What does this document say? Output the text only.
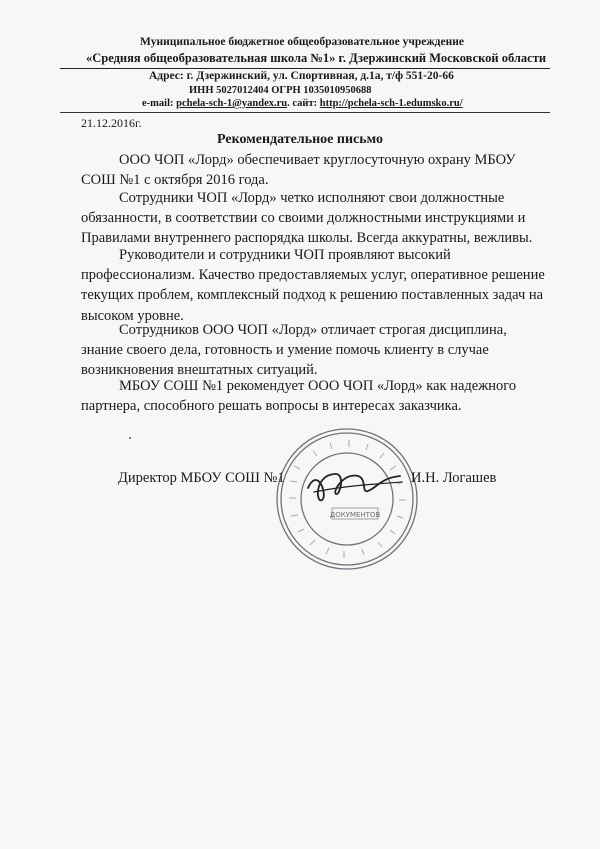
Муниципальное бюджетное общеобразовательное учреждение
«Средняя общеобразовательная школа №1» г. Дзержинский Московской области
Адрес: г. Дзержинский, ул. Спортивная, д.1а, т/ф 551-20-66
ИНН 5027012404 ОГРН 1035010950688
e-mail: pchela-sch-1@yandex.ru. сайт: http://pchela-sch-1.edumsko.ru/
21.12.2016г.
Рекомендательное письмо
ООО ЧОП «Лорд» обеспечивает круглосуточную охрану МБОУ
СОШ №1 с октября 2016 года.
Сотрудники ЧОП «Лорд» четко исполняют свои должностные
обязанности, в соответствии со своими должностными инструкциями и
Правилами внутреннего распорядка школы. Всегда аккуратны, вежливы.
Руководители и сотрудники ЧОП проявляют высокий
профессионализм. Качество предоставляемых услуг, оперативное решение
текущих проблем, комплексный подход к решению поставленных задач на
высоком уровне.
Сотрудников ООО ЧОП «Лорд» отличает строгая дисциплина,
знание своего дела, готовность и умение помочь клиенту в случае
возникновения внештатных ситуаций.
МБОУ СОШ №1 рекомендует ООО ЧОП «Лорд» как надежного
партнера, способного решать вопросы в интересах заказчика.
ДОКУМЕНТОВ
Директор МБОУ СОШ №1	И.Н. Логашев
